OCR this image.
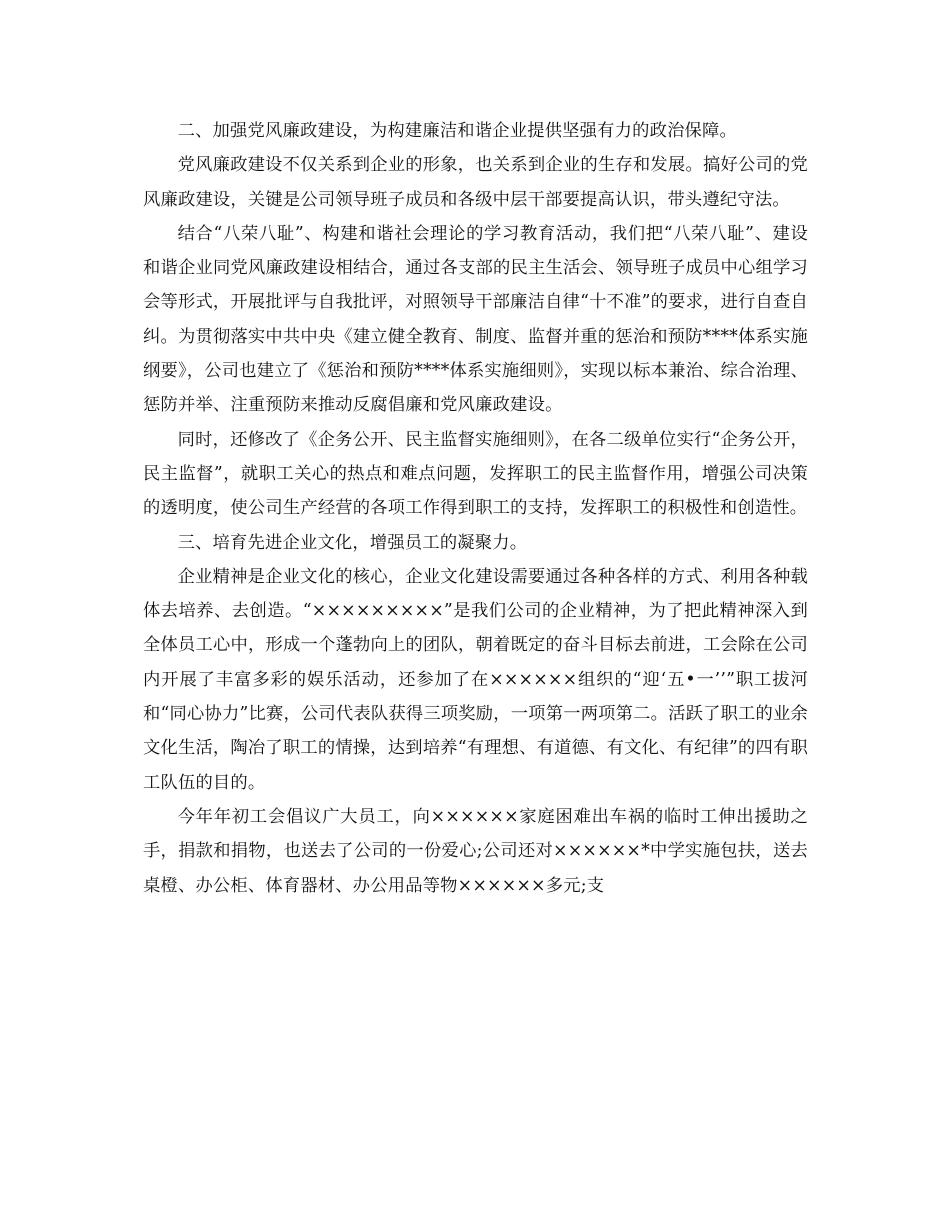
二、加强党风廉政建设，为构建廉洁和谐企业提供坚强有力的政治保障。

党风廉政建设不仅关系到企业的形象，也关系到企业的生存和发展。搞好公司的党风廉政建设，关键是公司领导班子成员和各级中层干部要提高认识，带头遵纪守法。

结合“八荣八耻”、构建和谐社会理论的学习教育活动，我们把“八荣八耻”、建设和谐企业同党风廉政建设相结合，通过各支部的民主生活会、领导班子成员中心组学习会等形式，开展批评与自我批评，对照领导干部廉洁自律“十不准”的要求，进行自查自纠。为贯彻落实中共中央《建立健全教育、制度、监督并重的惩治和预防****体系实施纲要》，公司也建立了《惩治和预防****体系实施细则》，实现以标本兼治、综合治理、惩防并举、注重预防来推动反腐倡廉和党风廉政建设。

同时，还修改了《企务公开、民主监督实施细则》，在各二级单位实行“企务公开，民主监督”，就职工关心的热点和难点问题，发挥职工的民主监督作用，增强公司决策的透明度，使公司生产经营的各项工作得到职工的支持，发挥职工的积极性和创造性。

三、培育先进企业文化，增强员工的凝聚力。

企业精神是企业文化的核心，企业文化建设需要通过各种各样的方式、利用各种载体去培养、去创造。“×××××××××”是我们公司的企业精神，为了把此精神深入到全体员工心中，形成一个蓬勃向上的团队，朝着既定的奋斗目标去前进，工会除在公司内开展了丰富多彩的娱乐活动，还参加了在××××××组织的“迎‘五•一’’”职工拔河和“同心协力”比赛，公司代表队获得三项奖励，一项第一两项第二。活跃了职工的业余文化生活，陶冶了职工的情操，达到培养“有理想、有道德、有文化、有纪律”的四有职工队伍的目的。

今年年初工会倡议广大员工，向××××××家庭困难出车祸的临时工伸出援助之手，捐款和捐物，也送去了公司的一份爱心;公司还对××××××*中学实施包扶，送去桌橙、办公柜、体育器材、办公用品等物××××××多元;支
